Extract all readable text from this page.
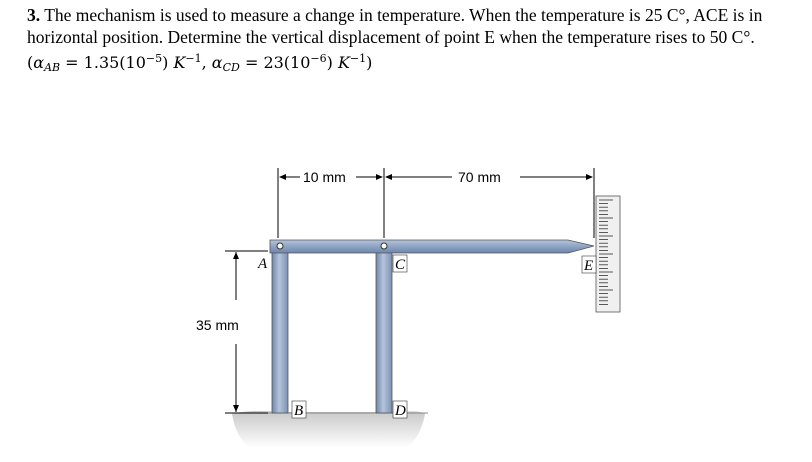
3. The mechanism is used to measure a change in temperature. When the temperature is 25 C°, ACE is in
horizontal position. Determine the vertical displacement of point E when the temperature rises to 50 C°.
($\alpha_{AB} = 1.35(10^{-5})$ $K^{-1}$, $\alpha_{CD} = 23(10^{-6})$ $K^{-1}$)
10 mm	70 mm
35 mm
A
B
C
D
E
